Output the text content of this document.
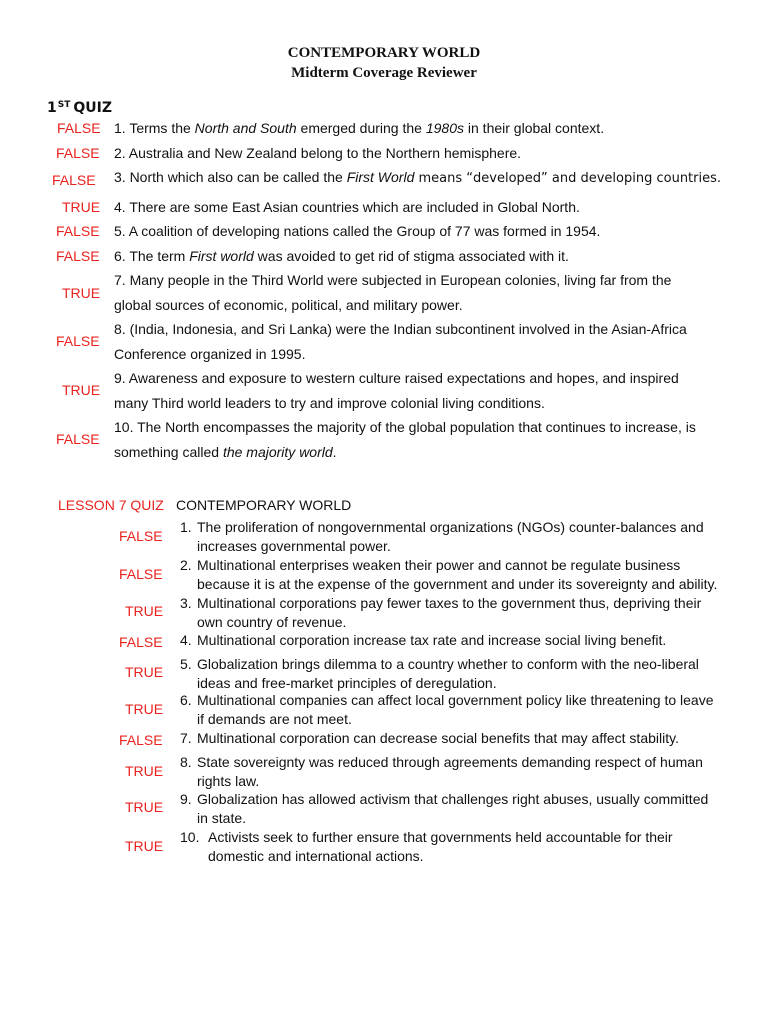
CONTEMPORARY WORLD
Midterm Coverage Reviewer
1ST QUIZ
FALSE
FALSE
FALSE
TRUE
FALSE
FALSE
TRUE
FALSE
TRUE
FALSE
1. Terms the North and South emerged during the 1980s in their global context.
2. Australia and New Zealand belong to the Northern hemisphere.
3. North which also can be called the First World means “developed” and developing countries.
4. There are some East Asian countries which are included in Global North.
5. A coalition of developing nations called the Group of 77 was formed in 1954.
6. The term First world was avoided to get rid of stigma associated with it.
7. Many people in the Third World were subjected in European colonies, living far from the
global sources of economic, political, and military power.
8. (India, Indonesia, and Sri Lanka) were the Indian subcontinent involved in the Asian-Africa
Conference organized in 1995.
9. Awareness and exposure to western culture raised expectations and hopes, and inspired
many Third world leaders to try and improve colonial living conditions.
10. The North encompasses the majority of the global population that continues to increase, is
something called the majority world.
LESSON 7 QUIZ CONTEMPORARY WORLD
FALSE
FALSE
TRUE
FALSE
TRUE
TRUE
FALSE
TRUE
TRUE
TRUE
1. The proliferation of nongovernmental organizations (NGOs) counter-balances and
increases governmental power.
2. Multinational enterprises weaken their power and cannot be regulate business
because it is at the expense of the government and under its sovereignty and ability.
3. Multinational corporations pay fewer taxes to the government thus, depriving their
own country of revenue.
4. Multinational corporation increase tax rate and increase social living benefit.
5. Globalization brings dilemma to a country whether to conform with the neo-liberal
ideas and free-market principles of deregulation.
6. Multinational companies can affect local government policy like threatening to leave
if demands are not meet.
7. Multinational corporation can decrease social benefits that may affect stability.
8. State sovereignty was reduced through agreements demanding respect of human
rights law.
9. Globalization has allowed activism that challenges right abuses, usually committed
in state.
10. Activists seek to further ensure that governments held accountable for their
domestic and international actions.
